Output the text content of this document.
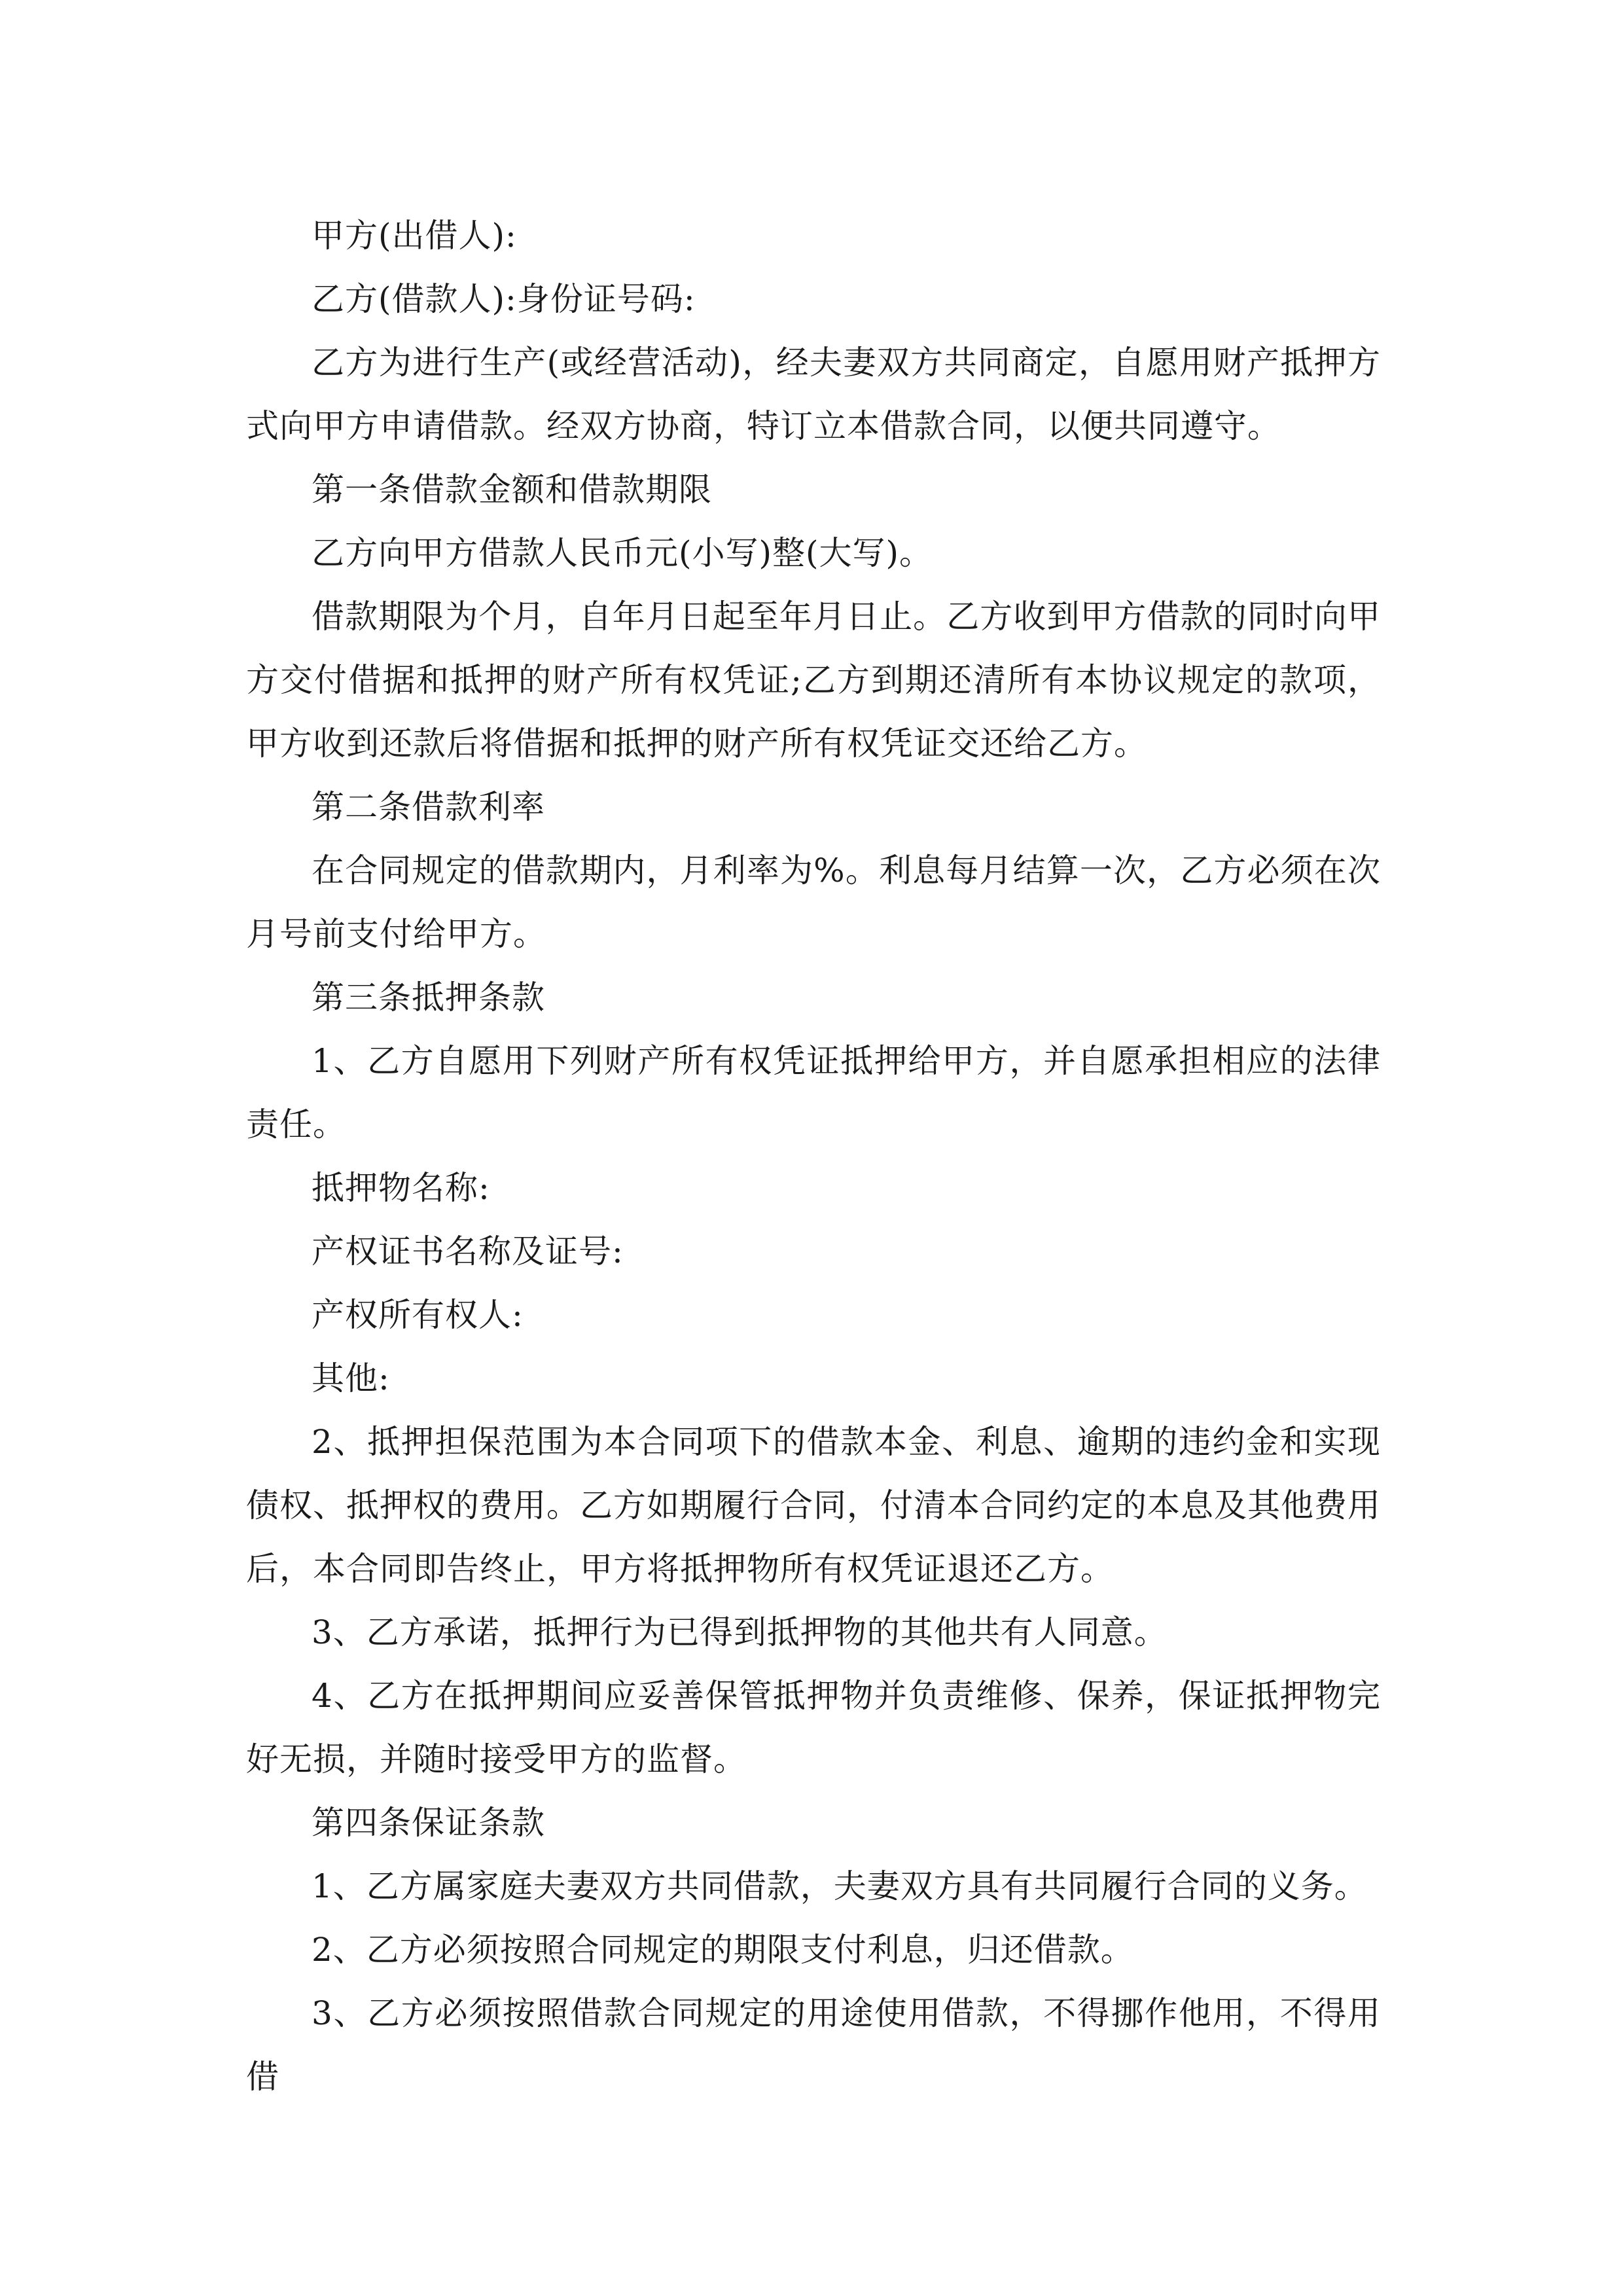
甲方(出借人):

乙方(借款人):身份证号码:

乙方为进行生产(或经营活动)，经夫妻双方共同商定，自愿用财产抵押方式向甲方申请借款。经双方协商，特订立本借款合同，以便共同遵守。

第一条借款金额和借款期限

乙方向甲方借款人民币元(小写)整(大写)。

借款期限为个月，自年月日起至年月日止。乙方收到甲方借款的同时向甲方交付借据和抵押的财产所有权凭证;乙方到期还清所有本协议规定的款项，甲方收到还款后将借据和抵押的财产所有权凭证交还给乙方。

第二条借款利率

在合同规定的借款期内，月利率为%。利息每月结算一次，乙方必须在次月号前支付给甲方。

第三条抵押条款

1、乙方自愿用下列财产所有权凭证抵押给甲方，并自愿承担相应的法律责任。

抵押物名称:

产权证书名称及证号:

产权所有权人:

其他:

2、抵押担保范围为本合同项下的借款本金、利息、逾期的违约金和实现债权、抵押权的费用。乙方如期履行合同，付清本合同约定的本息及其他费用后，本合同即告终止，甲方将抵押物所有权凭证退还乙方。

3、乙方承诺，抵押行为已得到抵押物的其他共有人同意。

4、乙方在抵押期间应妥善保管抵押物并负责维修、保养，保证抵押物完好无损，并随时接受甲方的监督。

第四条保证条款

1、乙方属家庭夫妻双方共同借款，夫妻双方具有共同履行合同的义务。

2、乙方必须按照合同规定的期限支付利息，归还借款。

3、乙方必须按照借款合同规定的用途使用借款，不得挪作他用，不得用借
